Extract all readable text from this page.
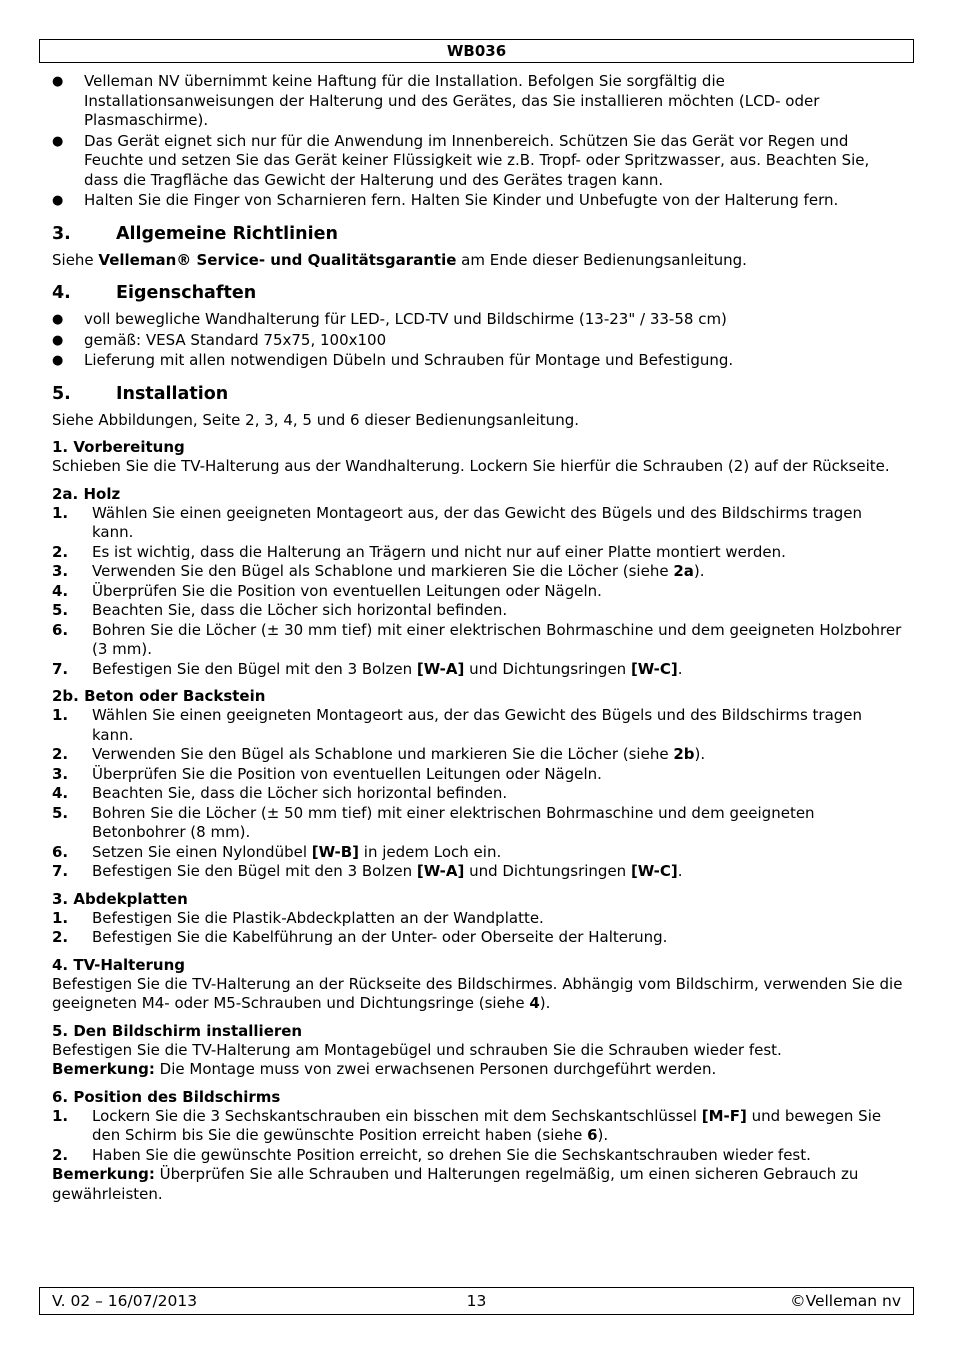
WB036
● Velleman NV übernimmt keine Haftung für die Installation. Befolgen Sie sorgfältig die Installationsanweisungen der Halterung und des Gerätes, das Sie installieren möchten (LCD- oder Plasmaschirme).
● Das Gerät eignet sich nur für die Anwendung im Innenbereich. Schützen Sie das Gerät vor Regen und Feuchte und setzen Sie das Gerät keiner Flüssigkeit wie z.B. Tropf- oder Spritzwasser, aus. Beachten Sie, dass die Tragfläche das Gewicht der Halterung und des Gerätes tragen kann.
● Halten Sie die Finger von Scharnieren fern. Halten Sie Kinder und Unbefugte von der Halterung fern.
3.	Allgemeine Richtlinien

Siehe Velleman® Service- und Qualitätsgarantie am Ende dieser Bedienungsanleitung.

4.	Eigenschaften
● voll bewegliche Wandhalterung für LED-, LCD-TV und Bildschirme (13-23" / 33-58 cm)
● gemäß: VESA Standard 75x75, 100x100
● Lieferung mit allen notwendigen Dübeln und Schrauben für Montage und Befestigung.
5.	Installation

Siehe Abbildungen, Seite 2, 3, 4, 5 und 6 dieser Bedienungsanleitung.

1. Vorbereitung

Schieben Sie die TV-Halterung aus der Wandhalterung. Lockern Sie hierfür die Schrauben (2) auf der Rückseite.

2a. Holz
1. Wählen Sie einen geeigneten Montageort aus, der das Gewicht des Bügels und des Bildschirms tragen kann.
2. Es ist wichtig, dass die Halterung an Trägern und nicht nur auf einer Platte montiert werden.
3. Verwenden Sie den Bügel als Schablone und markieren Sie die Löcher (siehe 2a).
4. Überprüfen Sie die Position von eventuellen Leitungen oder Nägeln.
5. Beachten Sie, dass die Löcher sich horizontal befinden.
6. Bohren Sie die Löcher (± 30 mm tief) mit einer elektrischen Bohrmaschine und dem geeigneten Holzbohrer (3 mm).
7. Befestigen Sie den Bügel mit den 3 Bolzen [W-A] und Dichtungsringen [W-C].
2b. Beton oder Backstein
1. Wählen Sie einen geeigneten Montageort aus, der das Gewicht des Bügels und des Bildschirms tragen kann.
2. Verwenden Sie den Bügel als Schablone und markieren Sie die Löcher (siehe 2b).
3. Überprüfen Sie die Position von eventuellen Leitungen oder Nägeln.
4. Beachten Sie, dass die Löcher sich horizontal befinden.
5. Bohren Sie die Löcher (± 50 mm tief) mit einer elektrischen Bohrmaschine und dem geeigneten Betonbohrer (8 mm).
6. Setzen Sie einen Nylondübel [W-B] in jedem Loch ein.
7. Befestigen Sie den Bügel mit den 3 Bolzen [W-A] und Dichtungsringen [W-C].
3. Abdekplatten
1. Befestigen Sie die Plastik-Abdeckplatten an der Wandplatte.
2. Befestigen Sie die Kabelführung an der Unter- oder Oberseite der Halterung.
4. TV-Halterung

Befestigen Sie die TV-Halterung an der Rückseite des Bildschirmes. Abhängig vom Bildschirm, verwenden Sie die geeigneten M4- oder M5-Schrauben und Dichtungsringe (siehe 4).

5. Den Bildschirm installieren

Befestigen Sie die TV-Halterung am Montagebügel und schrauben Sie die Schrauben wieder fest.

Bemerkung: Die Montage muss von zwei erwachsenen Personen durchgeführt werden.

6. Position des Bildschirms
1. Lockern Sie die 3 Sechskantschrauben ein bisschen mit dem Sechskantschlüssel [M-F] und bewegen Sie den Schirm bis Sie die gewünschte Position erreicht haben (siehe 6).
2. Haben Sie die gewünschte Position erreicht, so drehen Sie die Sechskantschrauben wieder fest.

Bemerkung: Überprüfen Sie alle Schrauben und Halterungen regelmäßig, um einen sicheren Gebrauch zu gewährleisten.

V. 02 – 16/07/2013	13	©Velleman nv
